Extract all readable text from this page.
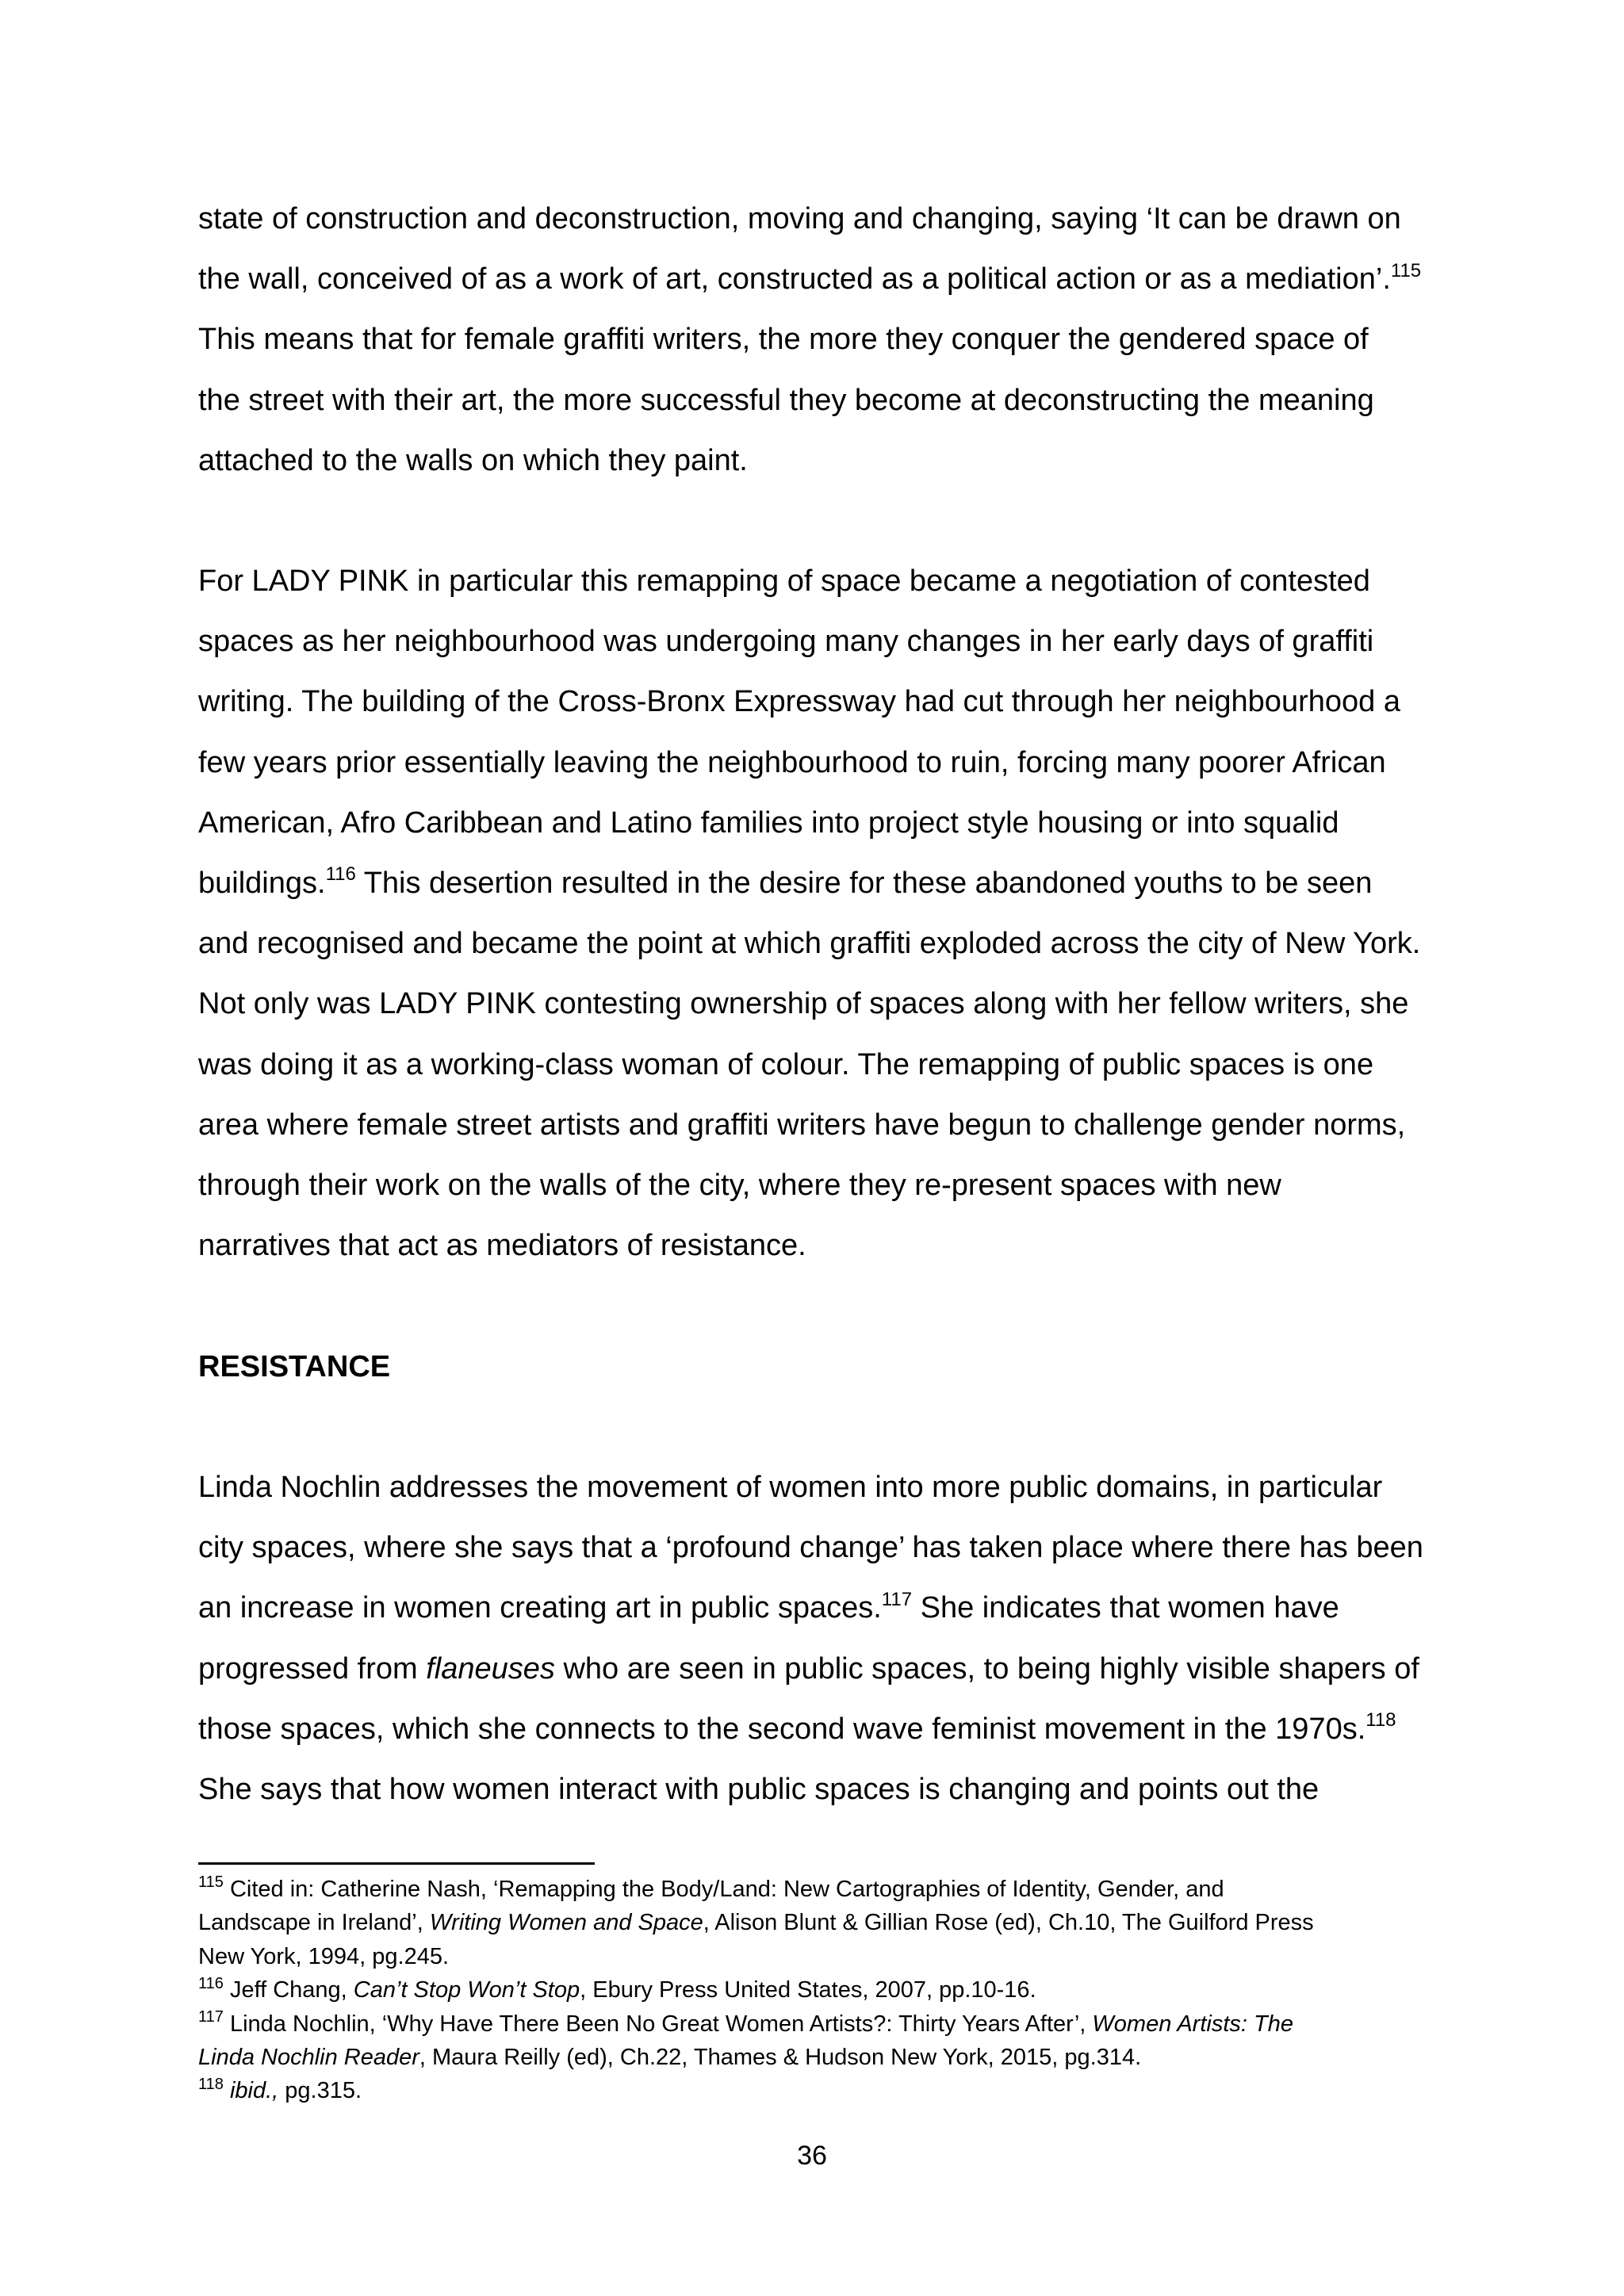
state of construction and deconstruction, moving and changing, saying ‘It can be drawn on
the wall, conceived of as a work of art, constructed as a political action or as a mediation’.$^{115}$
This means that for female graffiti writers, the more they conquer the gendered space of
the street with their art, the more successful they become at deconstructing the meaning
attached to the walls on which they paint.
For LADY PINK in particular this remapping of space became a negotiation of contested
spaces as her neighbourhood was undergoing many changes in her early days of graffiti
writing. The building of the Cross-Bronx Expressway had cut through her neighbourhood a
few years prior essentially leaving the neighbourhood to ruin, forcing many poorer African
American, Afro Caribbean and Latino families into project style housing or into squalid
buildings.$^{116}$ This desertion resulted in the desire for these abandoned youths to be seen
and recognised and became the point at which graffiti exploded across the city of New York.
Not only was LADY PINK contesting ownership of spaces along with her fellow writers, she
was doing it as a working-class woman of colour. The remapping of public spaces is one
area where female street artists and graffiti writers have begun to challenge gender norms,
through their work on the walls of the city, where they re-present spaces with new
narratives that act as mediators of resistance.
RESISTANCE
Linda Nochlin addresses the movement of women into more public domains, in particular
city spaces, where she says that a ‘profound change’ has taken place where there has been
an increase in women creating art in public spaces.$^{117}$ She indicates that women have
progressed from flaneuses who are seen in public spaces, to being highly visible shapers of
those spaces, which she connects to the second wave feminist movement in the 1970s.$^{118}$
She says that how women interact with public spaces is changing and points out the
$^{115}$ Cited in: Catherine Nash, ‘Remapping the Body/Land: New Cartographies of Identity, Gender, and
Landscape in Ireland’, Writing Women and Space, Alison Blunt & Gillian Rose (ed), Ch.10, The Guilford Press
New York, 1994, pg.245.
$^{116}$ Jeff Chang, Can’t Stop Won’t Stop, Ebury Press United States, 2007, pp.10-16.
$^{117}$ Linda Nochlin, ‘Why Have There Been No Great Women Artists?: Thirty Years After’, Women Artists: The
Linda Nochlin Reader, Maura Reilly (ed), Ch.22, Thames & Hudson New York, 2015, pg.314.
$^{118}$ ibid., pg.315.
36
